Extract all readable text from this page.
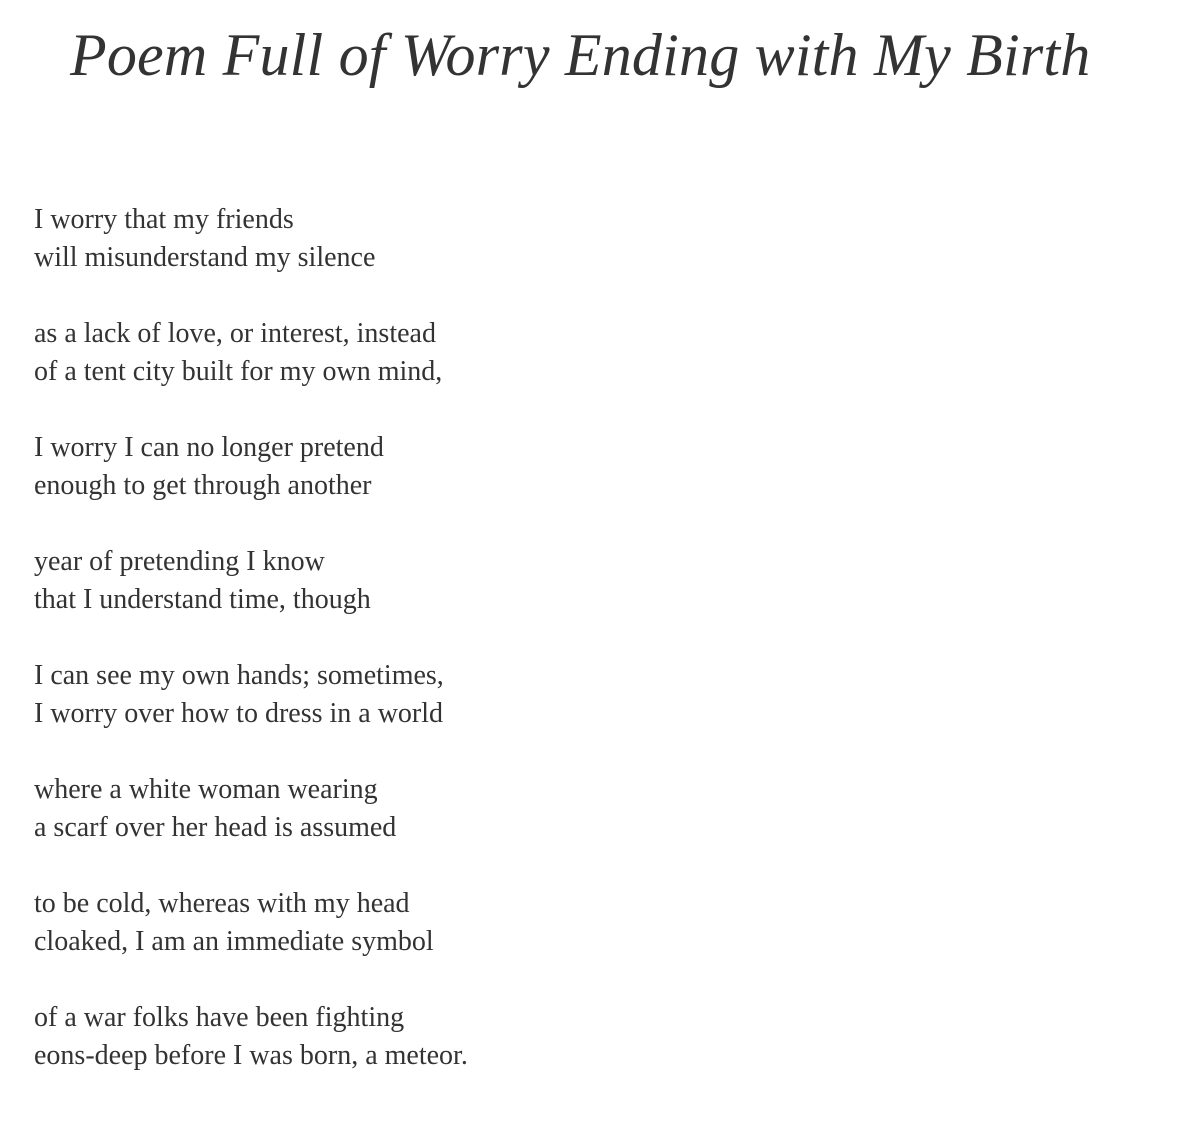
Poem Full of Worry Ending with My Birth

I worry that my friends
will misunderstand my silence

as a lack of love, or interest, instead
of a tent city built for my own mind,

I worry I can no longer pretend
enough to get through another

year of pretending I know
that I understand time, though

I can see my own hands; sometimes,
I worry over how to dress in a world

where a white woman wearing
a scarf over her head is assumed

to be cold, whereas with my head
cloaked, I am an immediate symbol

of a war folks have been fighting
eons-deep before I was born, a meteor.
